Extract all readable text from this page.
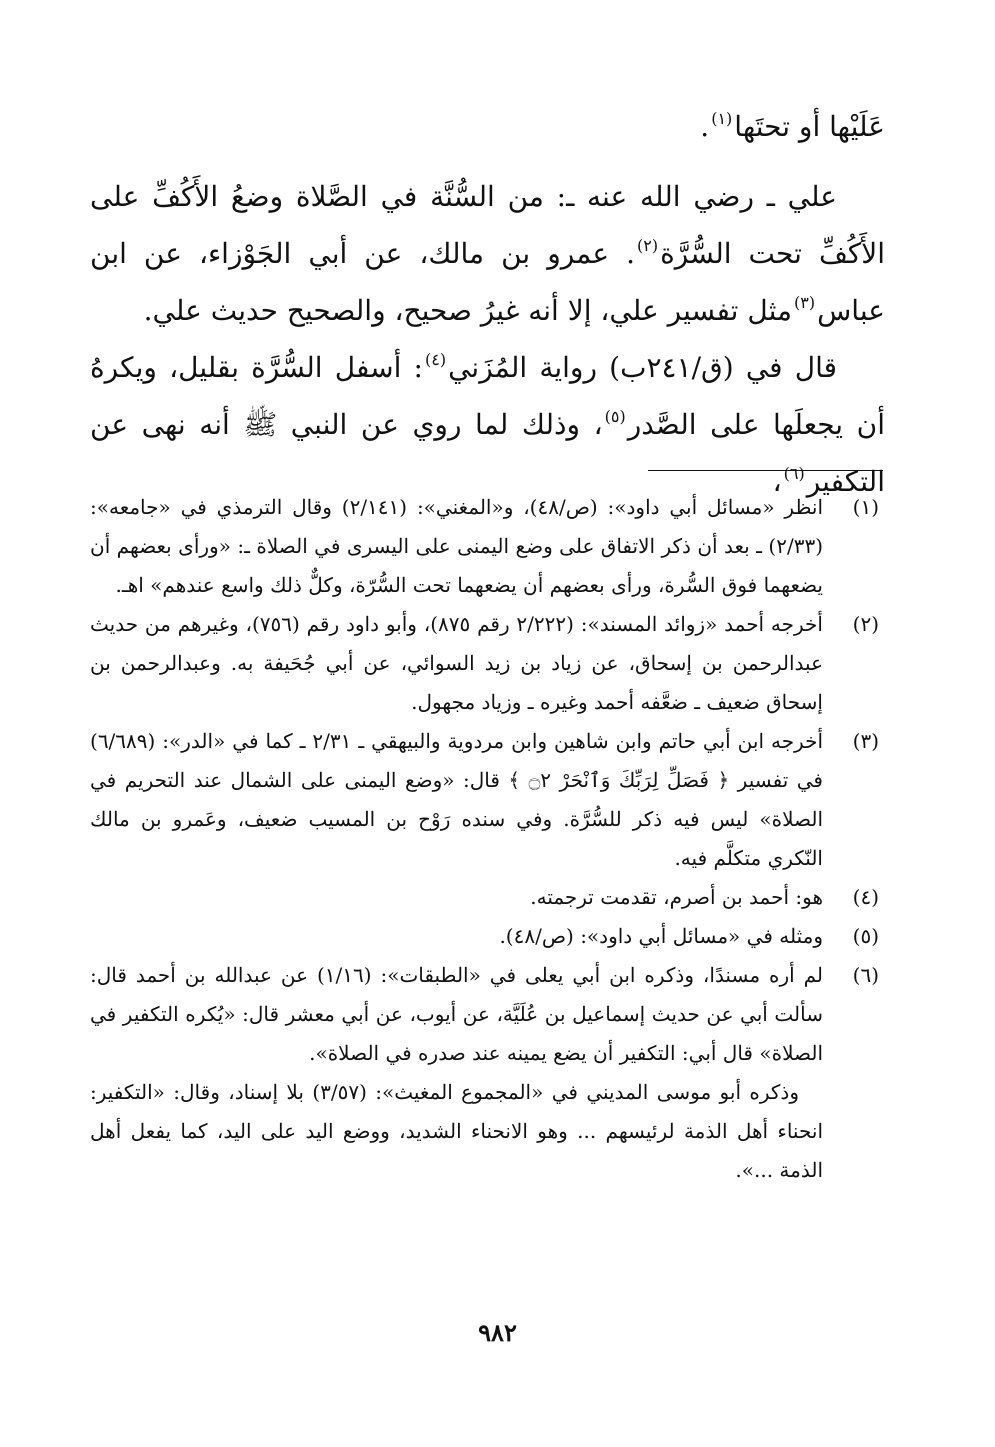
عَلَيْها أو تحتَها$^{(١)}$.

علي ـ رضي الله عنه ـ: من السُّنَّة في الصَّلاة وضعُ الأَكُفِّ على الأَكُفِّ تحت السُّرَّة$^{(٢)}$. عمرو بن مالك، عن أبي الجَوْزاء، عن ابن عباس$^{(٣)}$مثل تفسير علي، إلا أنه غيرُ صحيح، والصحيح حديث علي.

قال في (ق/٢٤١ب) رواية المُزَني$^{(٤)}$: أسفل السُّرَّة بقليل، ويكرهُ أن يجعلَها على الصَّدر$^{(٥)}$، وذلك لما روي عن النبي ﷺ أنه نهى عن التكفير$^{(٦)}$،

(١)
انظر «مسائل أبي داود»: (ص/٤٨)، و«المغني»: (٢/١٤١) وقال الترمذي في «جامعه»: (٢/٣٣) ـ بعد أن ذكر الاتفاق على وضع اليمنى على اليسرى في الصلاة ـ: «ورأى بعضهم أن يضعهما فوق السُّرة، ورأى بعضهم أن يضعهما تحت السُّرّة، وكلٌّ ذلك واسع عندهم» اهـ.
(٢)
أخرجه أحمد «زوائد المسند»: (٢/٢٢٢ رقم ٨٧٥)، وأبو داود رقم (٧٥٦)، وغيرهم من حديث عبدالرحمن بن إسحاق، عن زياد بن زيد السوائي، عن أبي جُحَيفة به. وعبدالرحمن بن إسحاق ضعيف ـ ضعَّفه أحمد وغيره ـ وزياد مجهول.
(٣)
أخرجه ابن أبي حاتم وابن شاهين وابن مردوية والبيهقي ـ ٢/٣١ ـ كما في «الدر»: (٦/٦٨٩) في تفسير ﴿ فَصَلِّ لِرَبِّكَ وَٱنْحَرْ ۝٢ ﴾ قال: «وضع اليمنى على الشمال عند التحريم في الصلاة» ليس فيه ذكر للسُّرَّة. وفي سنده رَوْح بن المسيب ضعيف، وعَمرو بن مالك النّكري متكلَّم فيه.
(٤)
هو: أحمد بن أصرم، تقدمت ترجمته.
(٥)
ومثله في «مسائل أبي داود»: (ص/٤٨).
(٦)
لم أره مسندًا، وذكره ابن أبي يعلى في «الطبقات»: (١/١٦) عن عبدالله بن أحمد قال: سألت أبي عن حديث إسماعيل بن عُلَيَّة، عن أيوب، عن أبي معشر قال: «يُكره التكفير في الصلاة» قال أبي: التكفير أن يضع يمينه عند صدره في الصلاة».
وذكره أبو موسى المديني في «المجموع المغيث»: (٣/٥٧) بلا إسناد، وقال: «التكفير: انحناء أهل الذمة لرئيسهم ... وهو الانحناء الشديد، ووضع اليد على اليد، كما يفعل أهل الذمة ...».
٩٨٢
